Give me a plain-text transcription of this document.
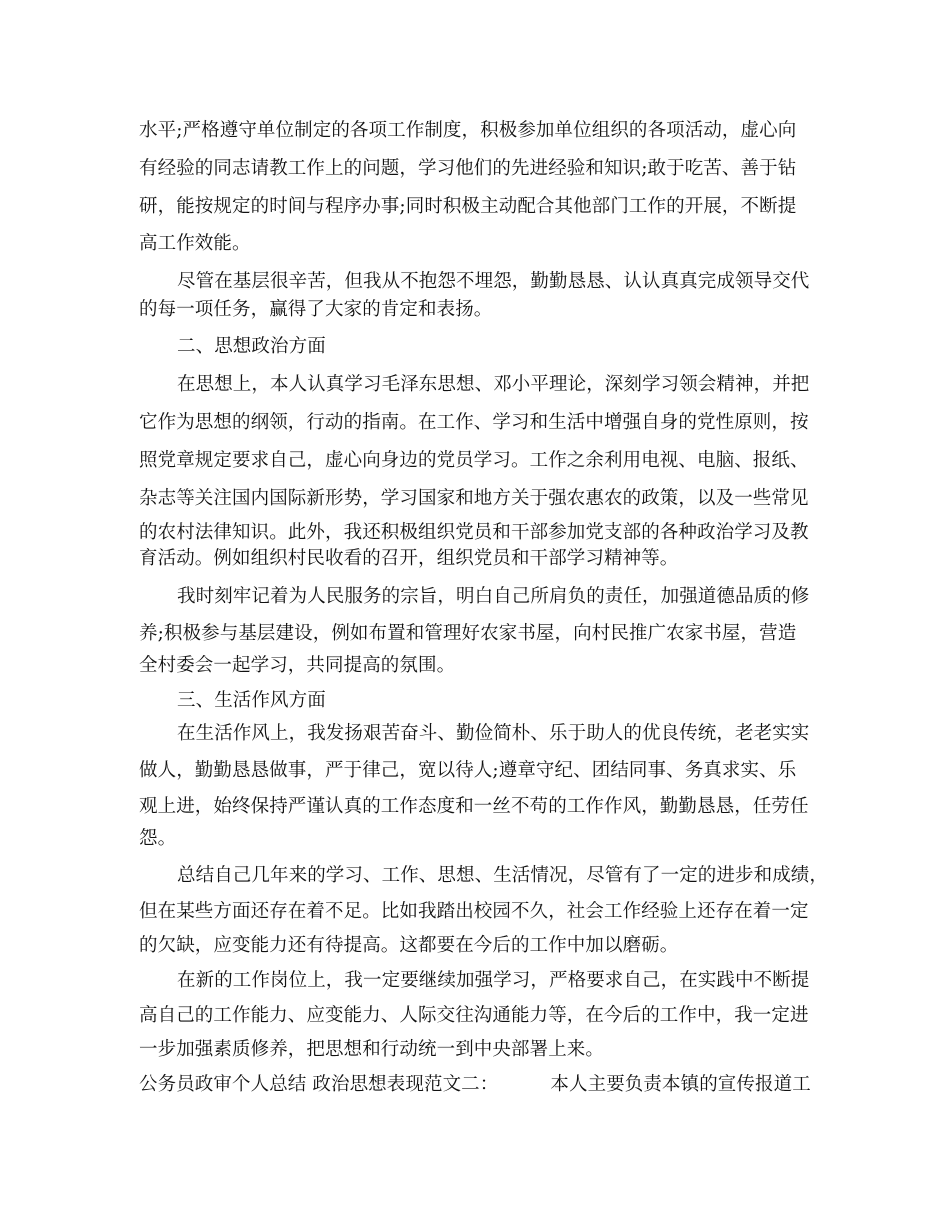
水平;严格遵守单位制定的各项工作制度，积极参加单位组织的各项活动，虚心向
有经验的同志请教工作上的问题，学习他们的先进经验和知识;敢于吃苦、善于钻
研，能按规定的时间与程序办事;同时积极主动配合其他部门工作的开展，不断提
高工作效能。
尽管在基层很辛苦，但我从不抱怨不埋怨，勤勤恳恳、认认真真完成领导交代
的每一项任务，赢得了大家的肯定和表扬。
二、思想政治方面
在思想上，本人认真学习毛泽东思想、邓小平理论，深刻学习领会精神，并把
它作为思想的纲领，行动的指南。在工作、学习和生活中增强自身的党性原则，按
照党章规定要求自己，虚心向身边的党员学习。工作之余利用电视、电脑、报纸、
杂志等关注国内国际新形势，学习国家和地方关于强农惠农的政策，以及一些常见
的农村法律知识。此外，我还积极组织党员和干部参加党支部的各种政治学习及教
育活动。例如组织村民收看的召开，组织党员和干部学习精神等。
我时刻牢记着为人民服务的宗旨，明白自己所肩负的责任，加强道德品质的修
养;积极参与基层建设，例如布置和管理好农家书屋，向村民推广农家书屋，营造
全村委会一起学习，共同提高的氛围。
三、生活作风方面
在生活作风上，我发扬艰苦奋斗、勤俭简朴、乐于助人的优良传统，老老实实
做人，勤勤恳恳做事，严于律己，宽以待人;遵章守纪、团结同事、务真求实、乐
观上进，始终保持严谨认真的工作态度和一丝不苟的工作作风，勤勤恳恳，任劳任
怨。
总结自己几年来的学习、工作、思想、生活情况，尽管有了一定的进步和成绩，
但在某些方面还存在着不足。比如我踏出校园不久，社会工作经验上还存在着一定
的欠缺，应变能力还有待提高。这都要在今后的工作中加以磨砺。
在新的工作岗位上，我一定要继续加强学习，严格要求自己，在实践中不断提
高自己的工作能力、应变能力、人际交往沟通能力等，在今后的工作中，我一定进
一步加强素质修养，把思想和行动统一到中央部署上来。
公务员政审个人总结 政治思想表现范文二：	本人主要负责本镇的宣传报道工
